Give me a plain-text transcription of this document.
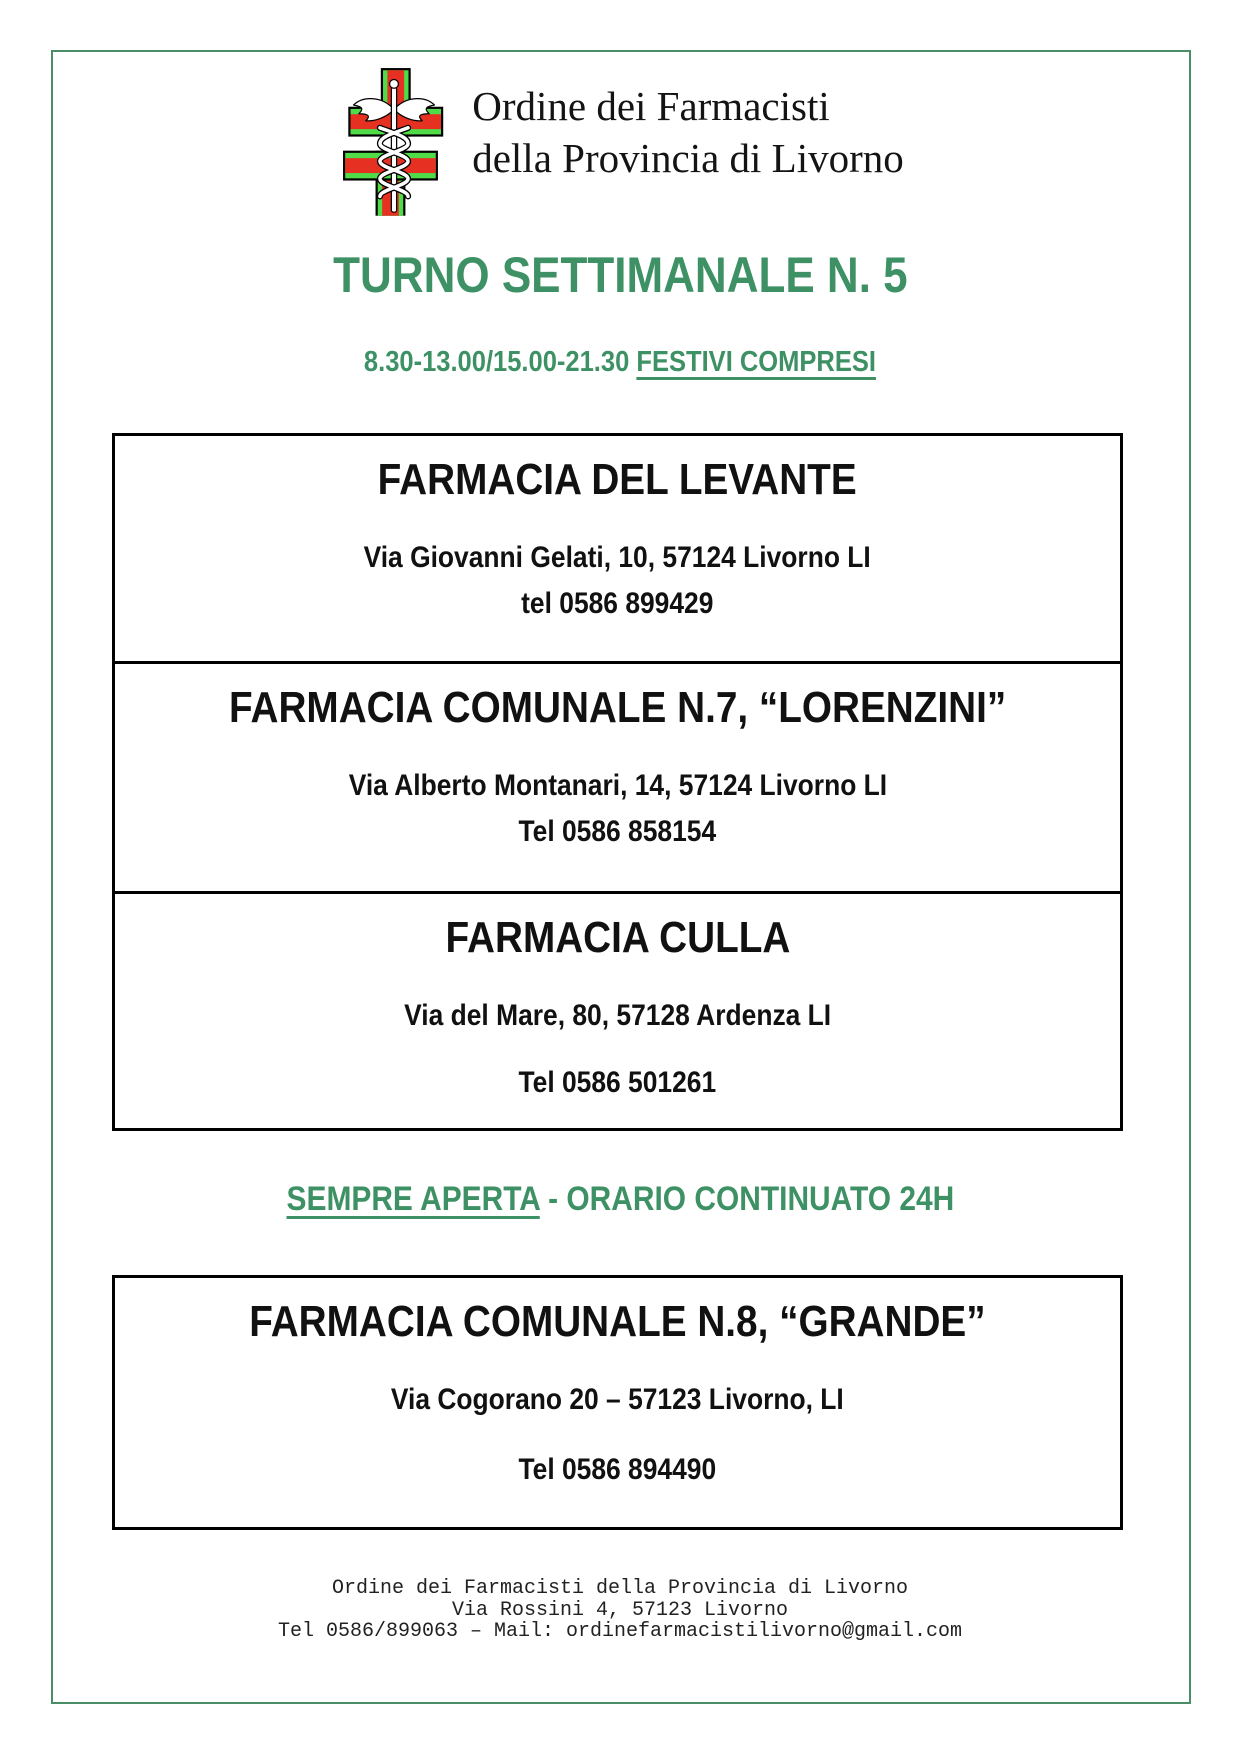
Ordine dei Farmacisti
della Provincia di Livorno
TURNO SETTIMANALE N. 5
8.30-13.00/15.00-21.30 FESTIVI COMPRESI
FARMACIA DEL LEVANTE
Via Giovanni Gelati, 10, 57124 Livorno LI
tel 0586 899429
FARMACIA COMUNALE N.7, “LORENZINI”
Via Alberto Montanari, 14, 57124 Livorno LI
Tel 0586 858154
FARMACIA CULLA
Via del Mare, 80, 57128 Ardenza LI
Tel 0586 501261
SEMPRE APERTA - ORARIO CONTINUATO 24H
FARMACIA COMUNALE N.8, “GRANDE”
Via Cogorano 20 – 57123 Livorno, LI
Tel 0586 894490
Ordine dei Farmacisti della Provincia di Livorno
Via Rossini 4, 57123 Livorno
Tel 0586/899063 – Mail: ordinefarmacistilivorno@gmail.com
